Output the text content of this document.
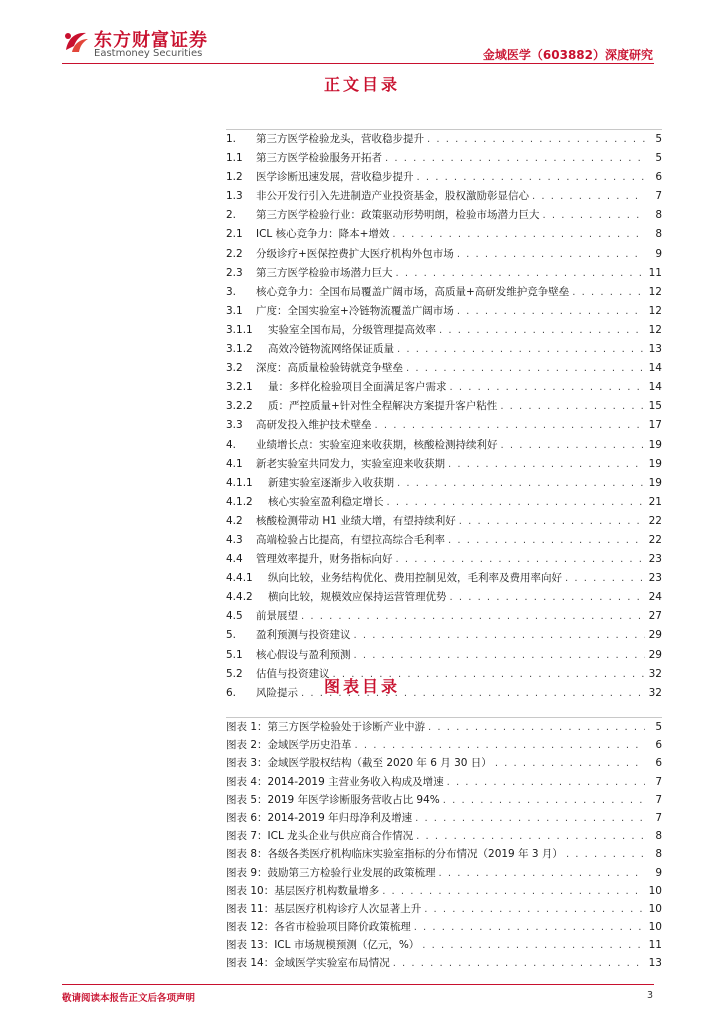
东方财富证券
Eastmoney Securities	金域医学（603882）深度研究
正文目录
1.	第三方医学检验龙头，营收稳步提升 . . .	5
1.1	第三方医学检验服务开拓者 . . .	5
1.2	医学诊断迅速发展，营收稳步提升 . . .	6
1.3	非公开发行引入先进制造产业投资基金，股权激励彰显信心 . . .	7
2.	第三方医学检验行业：政策驱动形势明朗，检验市场潜力巨大 . . .	8
2.1	ICL 核心竞争力：降本+增效 . . .	8
2.2	分级诊疗+医保控费扩大医疗机构外包市场 . . .	9
2.3	第三方医学检验市场潜力巨大 . . .	11
3.	核心竞争力：全国布局覆盖广阔市场，高质量+高研发维护竞争壁垒 . . .	12
3.1	广度：全国实验室+冷链物流覆盖广阔市场 . . .	12
3.1.1	实验室全国布局，分级管理提高效率 . . .	12
3.1.2	高效冷链物流网络保证质量 . . .	13
3.2	深度：高质量检验铸就竞争壁垒 . . .	14
3.2.1	量：多样化检验项目全面满足客户需求 . . .	14
3.2.2	质：严控质量+针对性全程解决方案提升客户粘性 . . .	15
3.3	高研发投入维护技术壁垒 . . .	17
4.	业绩增长点：实验室迎来收获期，核酸检测持续利好 . . .	19
4.1	新老实验室共同发力，实验室迎来收获期 . . .	19
4.1.1	新建实验室逐渐步入收获期 . . .	19
4.1.2	核心实验室盈利稳定增长 . . .	21
4.2	核酸检测带动 H1 业绩大增，有望持续利好 . . .	22
4.3	高端检验占比提高，有望拉高综合毛利率 . . .	22
4.4	管理效率提升，财务指标向好 . . .	23
4.4.1	纵向比较，业务结构优化、费用控制见效，毛利率及费用率向好 . . .	23
4.4.2	横向比较，规模效应保持运营管理优势 . . .	24
4.5	前景展望 . . .	27
5.	盈利预测与投资建议 . . .	29
5.1	核心假设与盈利预测 . . .	29
5.2	估值与投资建议 . . .	32
6.	风险提示 . . .	32
图表目录
图表 1：第三方医学检验处于诊断产业中游 . . .	5
图表 2：金域医学历史沿革 . . .	6
图表 3：金域医学股权结构（截至 2020 年 6 月 30 日） . . .	6
图表 4：2014-2019 主营业务收入构成及增速 . . .	7
图表 5：2019 年医学诊断服务营收占比 94% . . .	7
图表 6：2014-2019 年归母净利及增速 . . .	7
图表 7：ICL 龙头企业与供应商合作情况 . . .	8
图表 8：各级各类医疗机构临床实验室指标的分布情况（2019 年 3 月） . . .	8
图表 9：鼓励第三方检验行业发展的政策梳理 . . .	9
图表 10：基层医疗机构数量增多 . . .	10
图表 11：基层医疗机构诊疗人次显著上升 . . .	10
图表 12：各省市检验项目降价政策梳理 . . .	10
图表 13：ICL 市场规模预测（亿元，%） . . .	11
图表 14：金域医学实验室布局情况 . . .	13
敬请阅读本报告正文后各项声明	3
